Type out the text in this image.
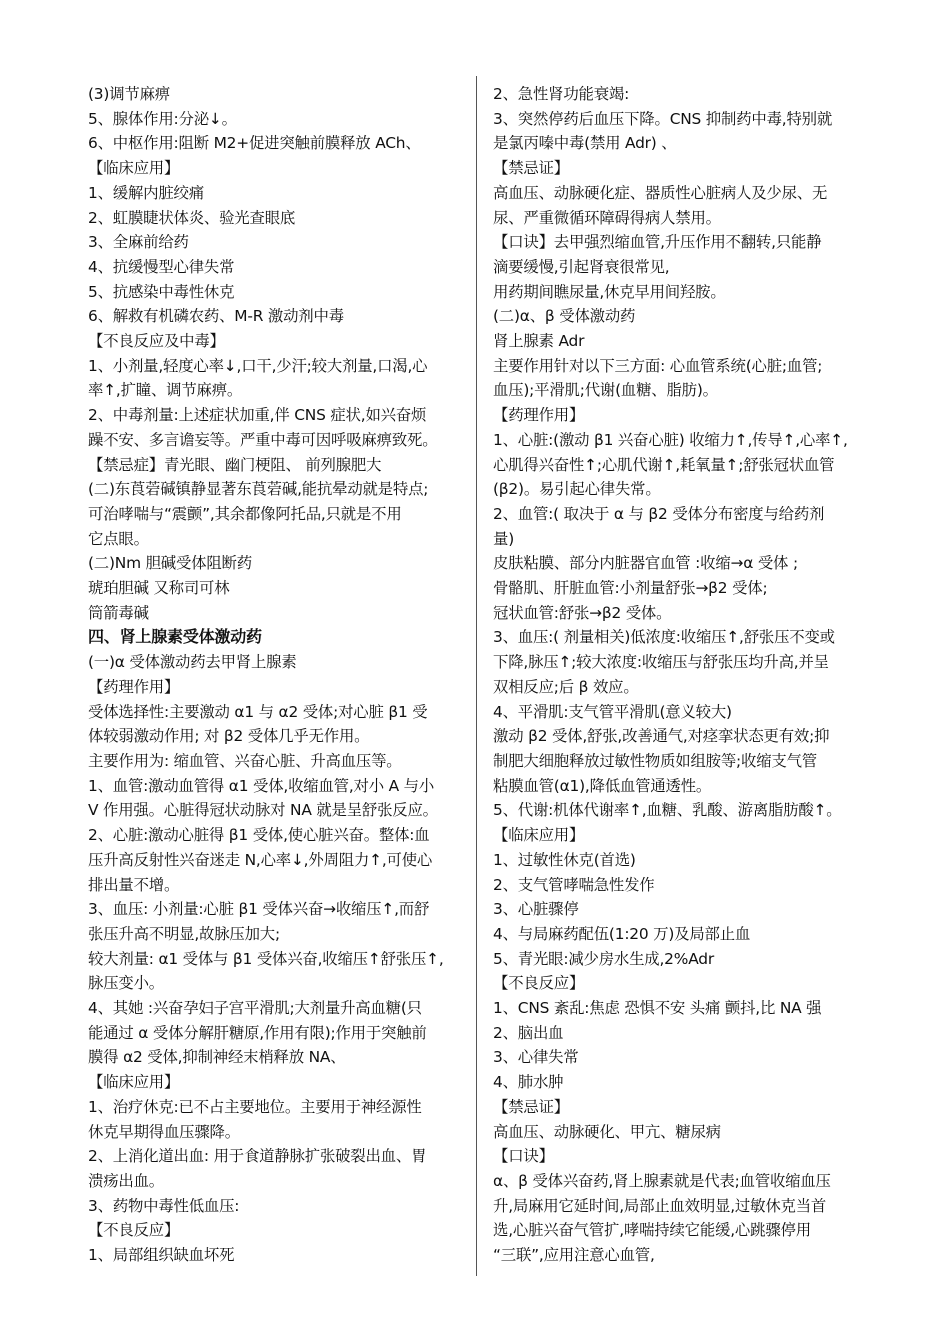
(3)调节麻痹
5、腺体作用:分泌↓。
6、中枢作用:阻断 M2+促进突触前膜释放 ACh、
【临床应用】
1、缓解内脏绞痛
2、虹膜睫状体炎、验光查眼底
3、全麻前给药
4、抗缓慢型心律失常
5、抗感染中毒性休克
6、解救有机磷农药、M-R 激动剂中毒
【不良反应及中毒】
1、小剂量,轻度心率↓,口干,少汗;较大剂量,口渴,心
率↑,扩瞳、调节麻痹。
2、中毒剂量:上述症状加重,伴 CNS 症状,如兴奋烦
躁不安、多言谵妄等。严重中毒可因呼吸麻痹致死。
【禁忌症】青光眼、幽门梗阻、 前列腺肥大
(二)东莨菪碱镇静显著东莨菪碱,能抗晕动就是特点;
可治哮喘与“震颤”,其余都像阿托品,只就是不用
它点眼。
(二)Nm 胆碱受体阻断药
琥珀胆碱 又称司可林
筒箭毒碱
四、肾上腺素受体激动药
(一)α 受体激动药去甲肾上腺素
【药理作用】
受体选择性:主要激动 α1 与 α2 受体;对心脏 β1 受
体较弱激动作用; 对 β2 受体几乎无作用。
主要作用为: 缩血管、兴奋心脏、升高血压等。
1、血管:激动血管得 α1 受体,收缩血管,对小 A 与小
V 作用强。心脏得冠状动脉对 NA 就是呈舒张反应。
2、心脏:激动心脏得 β1 受体,使心脏兴奋。整体:血
压升高反射性兴奋迷走 N,心率↓,外周阻力↑,可使心
排出量不增。
3、血压: 小剂量:心脏 β1 受体兴奋→收缩压↑,而舒
张压升高不明显,故脉压加大;
较大剂量: α1 受体与 β1 受体兴奋,收缩压↑舒张压↑,
脉压变小。
4、其她 :兴奋孕妇子宫平滑肌;大剂量升高血糖(只
能通过 α 受体分解肝糖原,作用有限);作用于突触前
膜得 α2 受体,抑制神经末梢释放 NA、
【临床应用】
1、治疗休克:已不占主要地位。主要用于神经源性
休克早期得血压骤降。
2、上消化道出血: 用于食道静脉扩张破裂出血、胃
溃疡出血。
3、药物中毒性低血压:
【不良反应】
1、局部组织缺血坏死
2、急性肾功能衰竭:
3、突然停药后血压下降。CNS 抑制药中毒,特别就
是氯丙嗪中毒(禁用 Adr) 、
【禁忌证】
高血压、动脉硬化症、器质性心脏病人及少尿、无
尿、严重微循环障碍得病人禁用。
【口诀】去甲强烈缩血管,升压作用不翻转,只能静
滴要缓慢,引起肾衰很常见,
用药期间瞧尿量,休克早用间羟胺。
(二)α、β 受体激动药
肾上腺素 Adr
主要作用针对以下三方面: 心血管系统(心脏;血管;
血压);平滑肌;代谢(血糖、脂肪)。
【药理作用】
1、心脏:(激动 β1 兴奋心脏) 收缩力↑,传导↑,心率↑,
心肌得兴奋性↑;心肌代谢↑,耗氧量↑;舒张冠状血管
(β2)。易引起心律失常。
2、血管:( 取决于 α 与 β2 受体分布密度与给药剂
量)
皮肤粘膜、部分内脏器官血管 :收缩→α 受体 ;
骨骼肌、肝脏血管:小剂量舒张→β2 受体;
冠状血管:舒张→β2 受体。
3、血压:( 剂量相关)低浓度:收缩压↑,舒张压不变或
下降,脉压↑;较大浓度:收缩压与舒张压均升高,并呈
双相反应;后 β 效应。
4、平滑肌:支气管平滑肌(意义较大)
激动 β2 受体,舒张,改善通气,对痉挛状态更有效;抑
制肥大细胞释放过敏性物质如组胺等;收缩支气管
粘膜血管(α1),降低血管通透性。
5、代谢:机体代谢率↑,血糖、乳酸、游离脂肪酸↑。
【临床应用】
1、过敏性休克(首选)
2、支气管哮喘急性发作
3、心脏骤停
4、与局麻药配伍(1:20 万)及局部止血
5、青光眼:减少房水生成,2%Adr
【不良反应】
1、CNS 紊乱:焦虑 恐惧不安 头痛 颤抖,比 NA 强
2、脑出血
3、心律失常
4、肺水肿
【禁忌证】
高血压、动脉硬化、甲亢、糖尿病
【口诀】
α、β 受体兴奋药,肾上腺素就是代表;血管收缩血压
升,局麻用它延时间,局部止血效明显,过敏休克当首
选,心脏兴奋气管扩,哮喘持续它能缓,心跳骤停用
“三联”,应用注意心血管,
